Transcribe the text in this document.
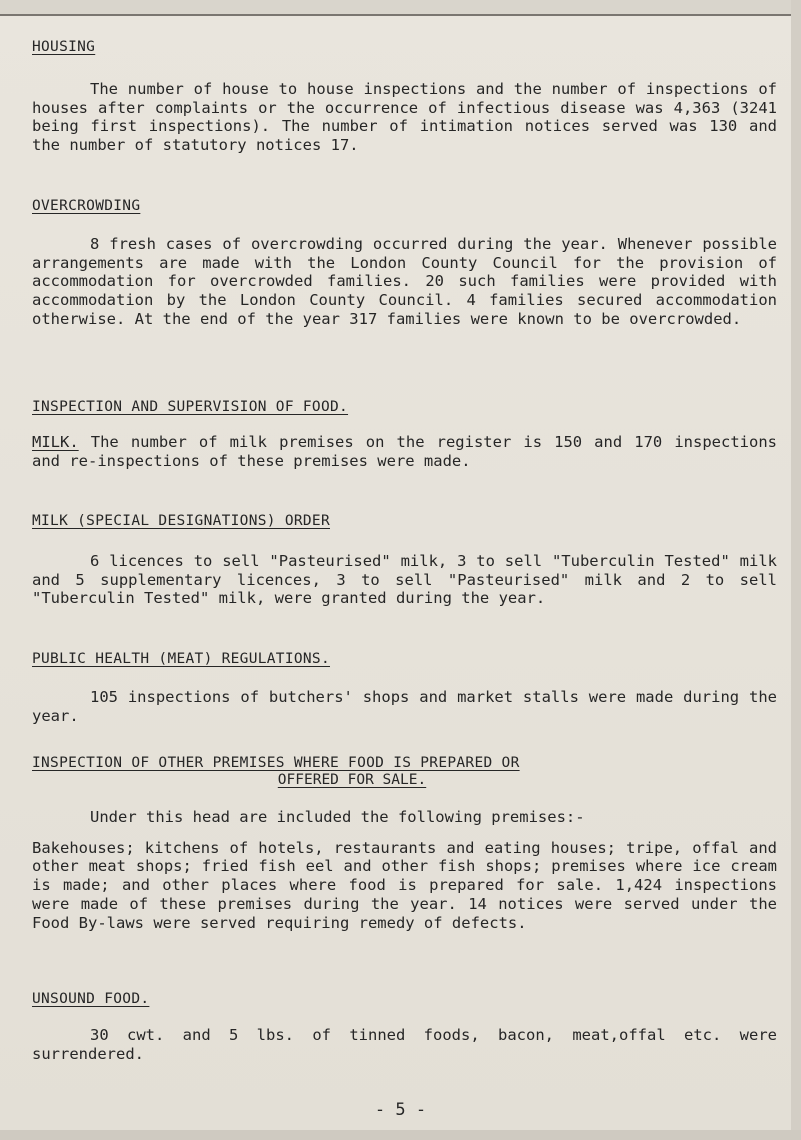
HOUSING

The number of house to house inspections and the number of inspections of houses after complaints or the occurrence of infectious disease was 4,363 (3241 being first inspections). The number of intimation notices served was 130 and the number of statutory notices 17.

OVERCROWDING

8 fresh cases of overcrowding occurred during the year. Whenever possible arrangements are made with the London County Council for the provision of accommodation for overcrowded families. 20 such families were provided with accommodation by the London County Council. 4 families secured accommodation otherwise. At the end of the year 317 families were known to be overcrowded.

INSPECTION AND SUPERVISION OF FOOD.

MILK. The number of milk premises on the register is 150 and 170 inspections and re-inspections of these premises were made.

MILK (SPECIAL DESIGNATIONS) ORDER

6 licences to sell "Pasteurised" milk, 3 to sell "Tuberculin Tested" milk and 5 supplementary licences, 3 to sell "Pasteurised" milk and 2 to sell "Tuberculin Tested" milk, were granted during the year.

PUBLIC HEALTH (MEAT) REGULATIONS.

105 inspections of butchers' shops and market stalls were made during the year.

INSPECTION OF OTHER PREMISES WHERE FOOD IS PREPARED OR
OFFERED FOR SALE.

Under this head are included the following premises:-

Bakehouses; kitchens of hotels, restaurants and eating houses; tripe, offal and other meat shops; fried fish eel and other fish shops; premises where ice cream is made; and other places where food is prepared for sale. 1,424 inspections were made of these premises during the year. 14 notices were served under the Food By-laws were served requiring remedy of defects.

UNSOUND FOOD.

30 cwt. and 5 lbs. of tinned foods, bacon, meat,offal etc. were surrendered.

- 5 -
